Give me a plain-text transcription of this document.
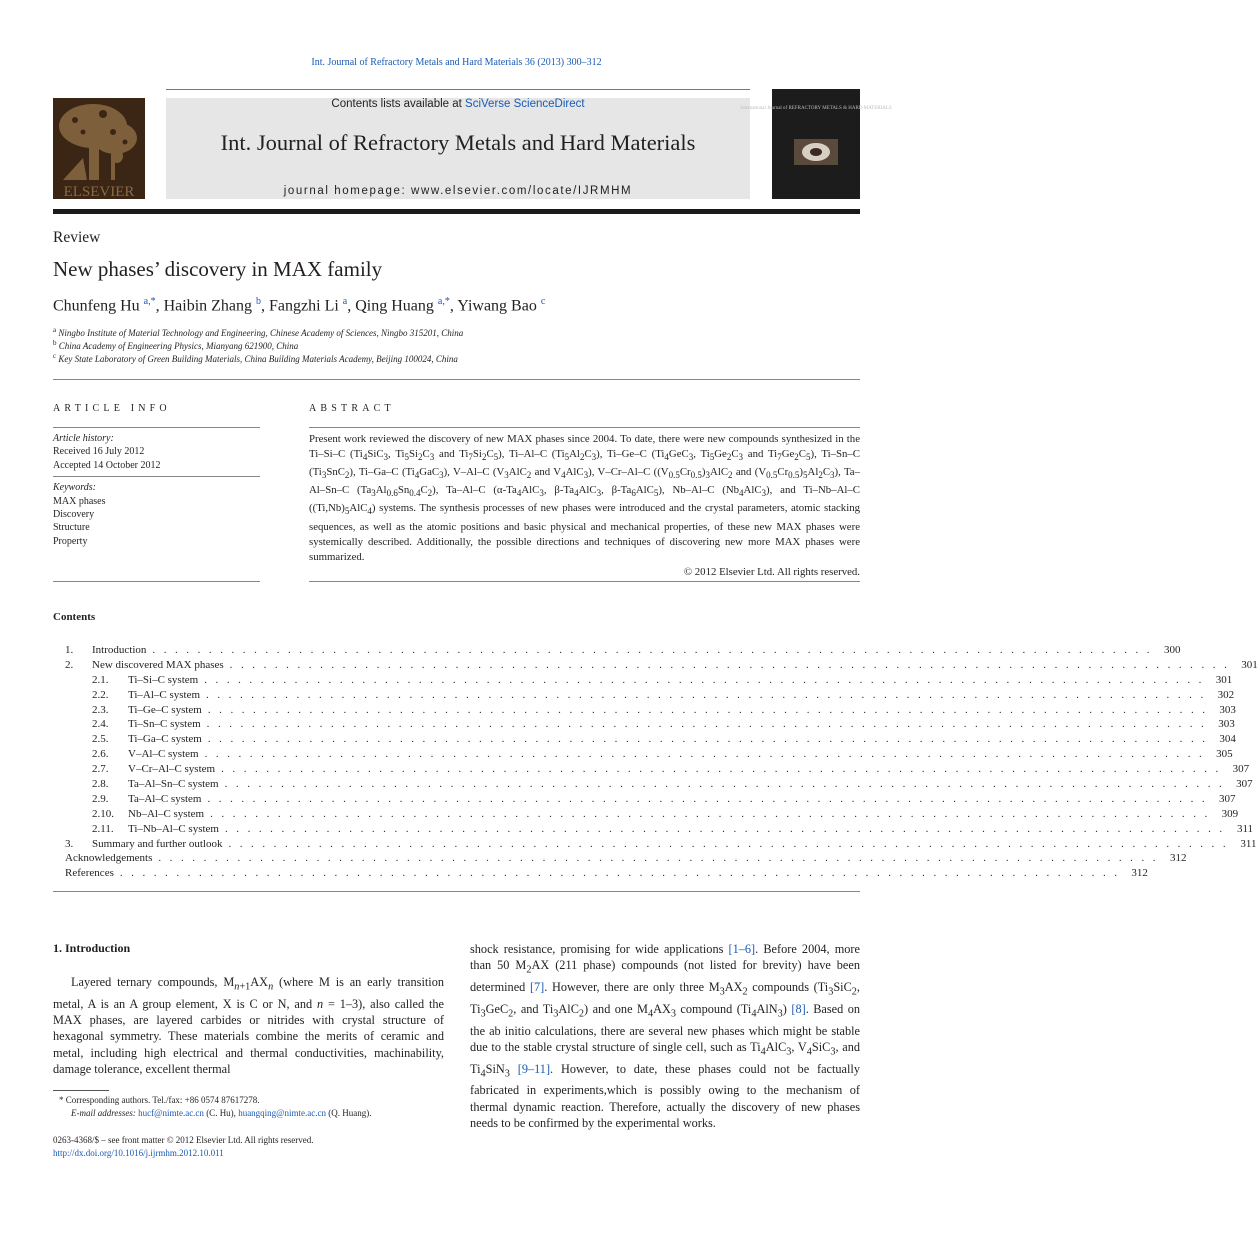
Int. Journal of Refractory Metals and Hard Materials 36 (2013) 300–312
Contents lists available at SciVerse ScienceDirect
Int. Journal of Refractory Metals and Hard Materials
journal homepage: www.elsevier.com/locate/IJRMHM
ELSEVIER
International Journal of REFRACTORY METALS & HARD MATERIALS
Review
New phases’ discovery in MAX family
Chunfeng Hu $^{a,*}$, Haibin Zhang $^b$, Fangzhi Li $^a$, Qing Huang $^{a,*}$, Yiwang Bao $^c$
$^a$ Ningbo Institute of Material Technology and Engineering, Chinese Academy of Sciences, Ningbo 315201, China
$^b$ China Academy of Engineering Physics, Mianyang 621900, China
$^c$ Key State Laboratory of Green Building Materials, China Building Materials Academy, Beijing 100024, China
ARTICLE INFO	ABSTRACT
Article history:
Received 16 July 2012
Accepted 14 October 2012
Keywords:
MAX phases
Discovery
Structure
Property
Present work reviewed the discovery of new MAX phases since 2004. To date, there were new compounds synthesized in the Ti–Si–C ($Ti_4SiC_3$, $Ti_5Si_2C_3$ and $Ti_7Si_2C_5$), Ti–Al–C $(Ti_5Al_2C_3)$, Ti–Ge–C ($Ti_4GeC_3$, $Ti_5Ge_2C_3$ and $Ti_7Ge_2C_5$), Ti–Sn–C $(Ti_3SnC_2)$, Ti–Ga–C $(Ti_4GaC_3)$, V–Al–C ($V_3AlC_2$ and $V_4AlC_3$), V–Cr–Al–C ($(V_{0.5}Cr_{0.5})_3AlC_2$ and $(V_{0.5}Cr_{0.5})_5Al_2C_3$), Ta–Al–Sn–C $(Ta_3Al_{0.6}Sn_{0.4}C_2)$, Ta–Al–C ($\alpha-Ta_4AlC_3$, $\beta-Ta_4AlC_3$, $\beta-Ta_6AlC_5$), Nb–Al–C $(Nb_4AlC_3)$, and Ti–Nb–Al–C $((Ti,Nb)_5AlC_4)$ systems. The synthesis processes of new phases were introduced and the crystal parameters, atomic stacking sequences, as well as the atomic positions and basic physical and mechanical properties, of these new MAX phases were systemically described. Additionally, the possible directions and techniques of discovering new more MAX phases were summarized.
© 2012 Elsevier Ltd. All rights reserved.
Contents
1.	Introduction . . . . . . . . . . . . . . . . . . . . . . . . . . . . . . . . . . . . . . . . . . . . . . . . . . . . . . . . . . . . . . . . . . . . . . . . . . . . . . . . . . . . . . . . .	300
2.	New discovered MAX phases . . . . . . . . . . . . . . . . . . . . . . . . . . . . . . . . . . . . . . . . . . . . . . . . . . . . . . . . . . . . . . . . . . . . . . . . . . . . . . . . . . . . . . . . .	301
2.1.	Ti–Si–C system . . . . . . . . . . . . . . . . . . . . . . . . . . . . . . . . . . . . . . . . . . . . . . . . . . . . . . . . . . . . . . . . . . . . . . . . . . . . . . . . . . . . . . . . .	301
2.2.	Ti–Al–C system . . . . . . . . . . . . . . . . . . . . . . . . . . . . . . . . . . . . . . . . . . . . . . . . . . . . . . . . . . . . . . . . . . . . . . . . . . . . . . . . . . . . . . . . .	302
2.3.	Ti–Ge–C system . . . . . . . . . . . . . . . . . . . . . . . . . . . . . . . . . . . . . . . . . . . . . . . . . . . . . . . . . . . . . . . . . . . . . . . . . . . . . . . . . . . . . . . . .	303
2.4.	Ti–Sn–C system . . . . . . . . . . . . . . . . . . . . . . . . . . . . . . . . . . . . . . . . . . . . . . . . . . . . . . . . . . . . . . . . . . . . . . . . . . . . . . . . . . . . . . . . .	303
2.5.	Ti–Ga–C system . . . . . . . . . . . . . . . . . . . . . . . . . . . . . . . . . . . . . . . . . . . . . . . . . . . . . . . . . . . . . . . . . . . . . . . . . . . . . . . . . . . . . . . . .	304
2.6.	V–Al–C system . . . . . . . . . . . . . . . . . . . . . . . . . . . . . . . . . . . . . . . . . . . . . . . . . . . . . . . . . . . . . . . . . . . . . . . . . . . . . . . . . . . . . . . . .	305
2.7.	V–Cr–Al–C system . . . . . . . . . . . . . . . . . . . . . . . . . . . . . . . . . . . . . . . . . . . . . . . . . . . . . . . . . . . . . . . . . . . . . . . . . . . . . . . . . . . . . . . . .	307
2.8.	Ta–Al–Sn–C system . . . . . . . . . . . . . . . . . . . . . . . . . . . . . . . . . . . . . . . . . . . . . . . . . . . . . . . . . . . . . . . . . . . . . . . . . . . . . . . . . . . . . . . . .	307
2.9.	Ta–Al–C system . . . . . . . . . . . . . . . . . . . . . . . . . . . . . . . . . . . . . . . . . . . . . . . . . . . . . . . . . . . . . . . . . . . . . . . . . . . . . . . . . . . . . . . . .	307
2.10.	Nb–Al–C system . . . . . . . . . . . . . . . . . . . . . . . . . . . . . . . . . . . . . . . . . . . . . . . . . . . . . . . . . . . . . . . . . . . . . . . . . . . . . . . . . . . . . . . . .	309
2.11.	Ti–Nb–Al–C system . . . . . . . . . . . . . . . . . . . . . . . . . . . . . . . . . . . . . . . . . . . . . . . . . . . . . . . . . . . . . . . . . . . . . . . . . . . . . . . . . . . . . . . . .	311
3.	Summary and further outlook . . . . . . . . . . . . . . . . . . . . . . . . . . . . . . . . . . . . . . . . . . . . . . . . . . . . . . . . . . . . . . . . . . . . . . . . . . . . . . . . . . . . . . . . .	311
Acknowledgements . . . . . . . . . . . . . . . . . . . . . . . . . . . . . . . . . . . . . . . . . . . . . . . . . . . . . . . . . . . . . . . . . . . . . . . . . . . . . . . . . . . . . . . . .	312
References . . . . . . . . . . . . . . . . . . . . . . . . . . . . . . . . . . . . . . . . . . . . . . . . . . . . . . . . . . . . . . . . . . . . . . . . . . . . . . . . . . . . . . . . .	312
1. Introduction
Layered ternary compounds, $M_{n+1}AX_n$ (where M is an early transition metal, A is an A group element, X is C or N, and n = 1–3), also called the MAX phases, are layered carbides or nitrides with crystal structure of hexagonal symmetry. These materials combine the merits of ceramic and metal, including high electrical and thermal conductivities, machinability, damage tolerance, excellent thermal
shock resistance, promising for wide applications [1–6]. Before 2004, more than 50 $M_2AX$ (211 phase) compounds (not listed for brevity) have been determined [7]. However, there are only three $M_3AX_2$ compounds ($Ti_3SiC_2$, $Ti_3GeC_2$, and $Ti_3AlC_2$) and one $M_4AX_3$ compound $(Ti_4AlN_3)$ [8]. Based on the ab initio calculations, there are several new phases which might be stable due to the stable crystal structure of single cell, such as $Ti_4AlC_3$, $V_4SiC_3$, and $Ti_4SiN_3$ [9–11]. However, to date, these phases could not be factually fabricated in experiments,which is possibly owing to the mechanism of thermal dynamic reaction. Therefore, actually the discovery of new phases needs to be confirmed by the experimental works.
* Corresponding authors. Tel./fax: +86 0574 87617278.
E-mail addresses: hucf@nimte.ac.cn (C. Hu), huangqing@nimte.ac.cn (Q. Huang).
0263-4368/$ – see front matter © 2012 Elsevier Ltd. All rights reserved.
http://dx.doi.org/10.1016/j.ijrmhm.2012.10.011
